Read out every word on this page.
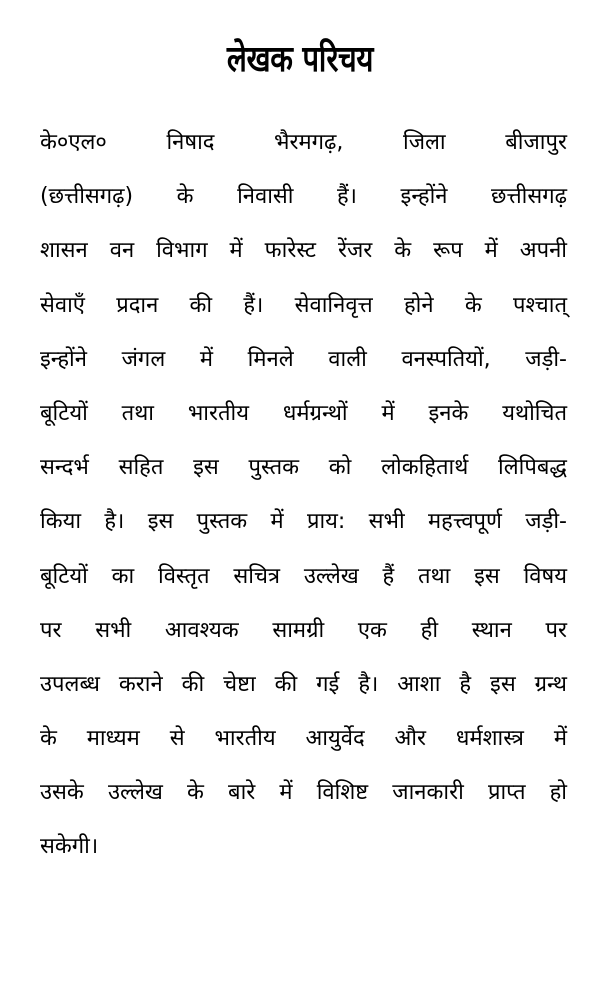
लेखक परिचय
के०एल० निषाद भैरमगढ़, जिला बीजापुर
(छत्तीसगढ़) के निवासी हैं। इन्होंने छत्तीसगढ़
शासन वन विभाग में फारेस्ट रेंजर के रूप में अपनी
सेवाएँ प्रदान की हैं। सेवानिवृत्त होने के पश्चात्
इन्होंने जंगल में मिनले वाली वनस्पतियों, जड़ी-
बूटियों तथा भारतीय धर्मग्रन्थों में इनके यथोचित
सन्दर्भ सहित इस पुस्तक को लोकहितार्थ लिपिबद्ध
किया है। इस पुस्तक में प्राय: सभी महत्त्वपूर्ण जड़ी-
बूटियों का विस्तृत सचित्र उल्लेख हैं तथा इस विषय
पर सभी आवश्यक सामग्री एक ही स्थान पर
उपलब्ध कराने की चेष्टा की गई है। आशा है इस ग्रन्थ
के माध्यम से भारतीय आयुर्वेद और धर्मशास्त्र में
उसके उल्लेख के बारे में विशिष्ट जानकारी प्राप्त हो
सकेगी।
